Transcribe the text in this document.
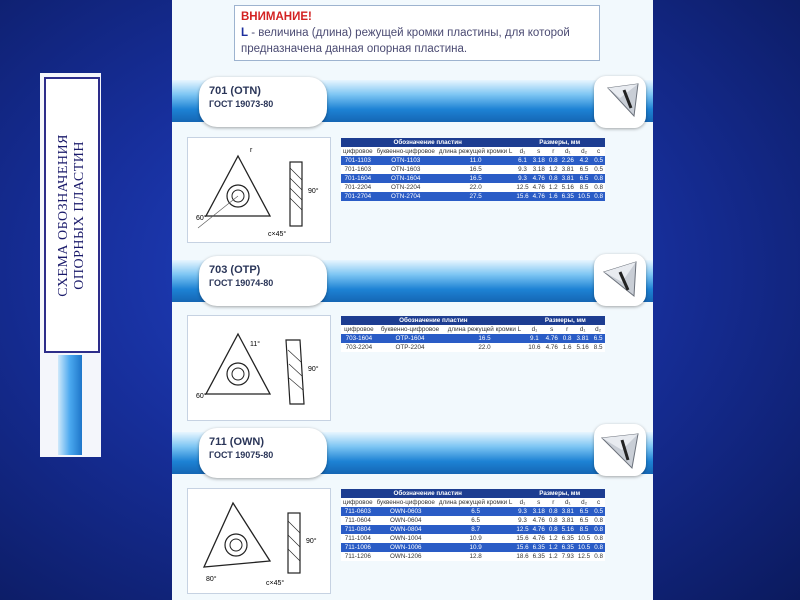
СХЕМА ОБОЗНАЧЕНИЯ
ОПОРНЫХ ПЛАСТИН
ВНИМАНИЕ!
L - величина (длина) режущей кромки пластины, для которой предназначена данная опорная пластина.
701 (OTN)
ГОСТ 19073-80
60°
90°
c×45°
r
Обозначение пластин			Размеры, мм					
цифровое	буквенно-цифровое	длина режущей кромки L	d₁	s	r	d₁	d₂	c
701-1103	OTN-1103	11.0	6.1	3.18	0.8	2.26	4.2	0.5
701-1603	OTN-1603	16.5	9.3	3.18	1.2	3.81	6.5	0.5
701-1604	OTN-1604	16.5	9.3	4.76	0.8	3.81	6.5	0.8
701-2204	OTN-2204	22.0	12.5	4.76	1.2	5.16	8.5	0.8
701-2704	OTN-2704	27.5	15.6	4.76	1.6	6.35	10.5	0.8
703 (OTP)
ГОСТ 19074-80
11°
60°
90°
Обозначение пластин			Размеры, мм				
цифровое	буквенно-цифровое	длина режущей кромки L	d₁	s	r	d₁	d₂
703-1604	OTP-1604	16.5	9.1	4.76	0.8	3.81	6.5
703-2204	OTP-2204	22.0	10.6	4.76	1.6	5.16	8.5
711 (OWN)
ГОСТ 19075-80
80°
90°
c×45°
Обозначение пластин			Размеры, мм					
цифровое	буквенно-цифровое	длина режущей кромки L	d₁	s	r	d₁	d₂	c
711-0603	OWN-0603	6.5	9.3	3.18	0.8	3.81	6.5	0.5
711-0604	OWN-0604	6.5	9.3	4.76	0.8	3.81	6.5	0.8
711-0804	OWN-0804	8.7	12.5	4.76	0.8	5.16	8.5	0.8
711-1004	OWN-1004	10.9	15.6	4.76	1.2	6.35	10.5	0.8
711-1006	OWN-1006	10.9	15.6	6.35	1.2	6.35	10.5	0.8
711-1206	OWN-1206	12.8	18.6	6.35	1.2	7.93	12.5	0.8
